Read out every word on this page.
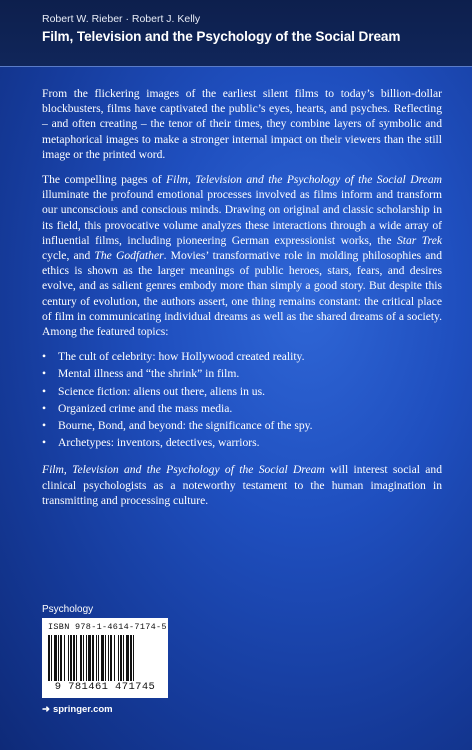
Robert W. Rieber · Robert J. Kelly
Film, Television and the Psychology of the Social Dream

From the flickering images of the earliest silent films to today’s billion-dollar blockbusters, films have captivated the public’s eyes, hearts, and psyches. Reflecting – and often creating – the tenor of their times, they combine layers of symbolic and metaphorical images to make a stronger internal impact on their viewers than the still image or the printed word.

The compelling pages of Film, Television and the Psychology of the Social Dream illuminate the profound emotional processes involved as films inform and transform our unconscious and conscious minds. Drawing on original and classic scholarship in its field, this provocative volume analyzes these interactions through a wide array of influential films, including pioneering German expressionist works, the Star Trek cycle, and The Godfather. Movies’ transformative role in molding philosophies and ethics is shown as the larger meanings of public heroes, stars, fears, and desires evolve, and as salient genres embody more than simply a good story. But despite this century of evolution, the authors assert, one thing remains constant: the critical place of film in communicating individual dreams as well as the shared dreams of a society. Among the featured topics:

• The cult of celebrity: how Hollywood created reality.
• Mental illness and “the shrink” in film.
• Science fiction: aliens out there, aliens in us.
• Organized crime and the mass media.
• Bourne, Bond, and beyond: the significance of the spy.
• Archetypes: inventors, detectives, warriors.

Film, Television and the Psychology of the Social Dream will interest social and clinical psychologists as a noteworthy testament to the human imagination in transmitting and processing culture.

Psychology
ISBN 978-1-4614-7174-5
9 781461 471745
➜ springer.com
